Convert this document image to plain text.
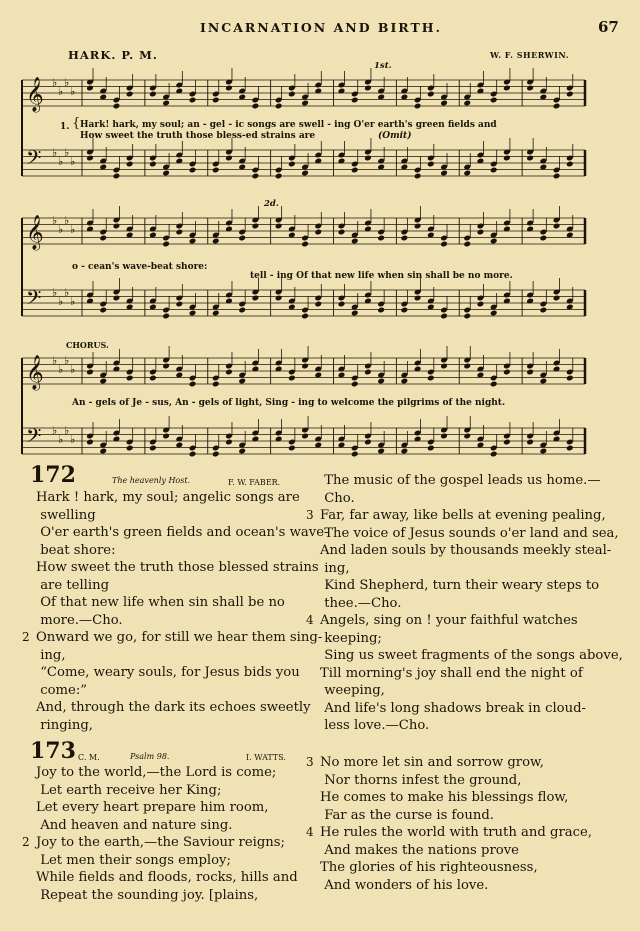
INCARNATION AND BIRTH.	67
HARK. P. M.	W. F. SHERWIN.
𝄞 ♭
♭
♭
♭
𝄢 ♭
♭
♭
♭
𝄞 ♭
♭
♭
♭
𝄢 ♭
♭
♭
♭
𝄞 ♭
♭
♭
♭
𝄢 ♭
♭
♭
♭
1st.
2d.
CHORUS.
1. { Hark! hark, my soul; an - gel - ic songs are swell - ing O'er earth's green fields and
How sweet the truth those bless-ed strains are	(Omit)
o - cean's wave-beat shore:
tell - ing Of that new life when sin shall be no more.
An - gels of Je - sus, An - gels of light, Sing - ing to welcome the pilgrims of the night.
172	The heavenly Host.	F. W. FABER.
Hark ! hark, my soul; angelic songs are
swelling
O'er earth's green fields and ocean's wave-
beat shore:
How sweet the truth those blessed strains
are telling
Of that new life when sin shall be no
more.—Cho.
2 Onward we go, for still we hear them sing-
ing,
“Come, weary souls, for Jesus bids you
come:”
And, through the dark its echoes sweetly
ringing,
The music of the gospel leads us home.—
Cho.
3 Far, far away, like bells at evening pealing,
The voice of Jesus sounds o'er land and sea,
And laden souls by thousands meekly steal-
ing,
Kind Shepherd, turn their weary steps to
thee.—Cho.
4 Angels, sing on ! your faithful watches
keeping;
Sing us sweet fragments of the songs above,
Till morning's joy shall end the night of
weeping,
And life's long shadows break in cloud-
less love.—Cho.
173 C. M.	Psalm 98.	I. WATTS.
Joy to the world,—the Lord is come;
Let earth receive her King;
Let every heart prepare him room,
And heaven and nature sing.
2 Joy to the earth,—the Saviour reigns;
Let men their songs employ;
While fields and floods, rocks, hills and
Repeat the sounding joy. [plains,
3 No more let sin and sorrow grow,
Nor thorns infest the ground,
He comes to make his blessings flow,
Far as the curse is found.
4 He rules the world with truth and grace,
And makes the nations prove
The glories of his righteousness,
And wonders of his love.
